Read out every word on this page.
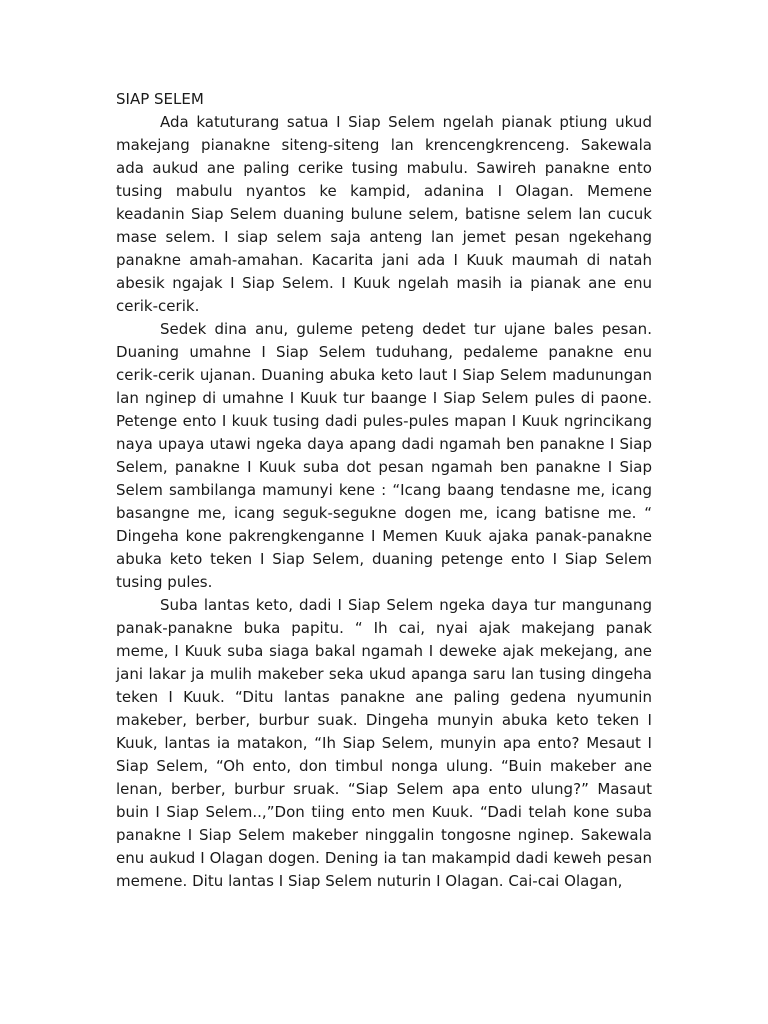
SIAP SELEM

Ada katuturang satua I Siap Selem ngelah pianak ptiung ukud makejang pianakne siteng-siteng lan krencengkrenceng. Sakewala ada aukud ane paling cerike tusing mabulu. Sawireh panakne ento tusing mabulu nyantos ke kampid, adanina I Olagan. Memene keadanin Siap Selem duaning bulune selem, batisne selem lan cucuk mase selem. I siap selem saja anteng lan jemet pesan ngekehang panakne amah-amahan. Kacarita jani ada I Kuuk maumah di natah abesik ngajak I Siap Selem. I Kuuk ngelah masih ia pianak ane enu cerik-cerik.

Sedek dina anu, guleme peteng dedet tur ujane bales pesan. Duaning umahne I Siap Selem tuduhang, pedaleme panakne enu cerik-cerik ujanan. Duaning abuka keto laut I Siap Selem madunungan lan nginep di umahne I Kuuk tur baange I Siap Selem pules di paone. Petenge ento I kuuk tusing dadi pules-pules mapan I Kuuk ngrincikang naya upaya utawi ngeka daya apang dadi ngamah ben panakne I Siap Selem, panakne I Kuuk suba dot pesan ngamah ben panakne I Siap Selem sambilanga mamunyi kene : “Icang baang tendasne me, icang basangne me, icang seguk-segukne dogen me, icang batisne me. “ Dingeha kone pakrengkenganne I Memen Kuuk ajaka panak-panakne abuka keto teken I Siap Selem, duaning petenge ento I Siap Selem tusing pules.

Suba lantas keto, dadi I Siap Selem ngeka daya tur mangunang panak-panakne buka papitu. “ Ih cai, nyai ajak makejang panak meme, I Kuuk suba siaga bakal ngamah I deweke ajak mekejang, ane jani lakar ja mulih makeber seka ukud apanga saru lan tusing dingeha teken I Kuuk. “Ditu lantas panakne ane paling gedena nyumunin makeber, berber, burbur suak. Dingeha munyin abuka keto teken I Kuuk, lantas ia matakon, “Ih Siap Selem, munyin apa ento? Mesaut I Siap Selem, “Oh ento, don timbul nonga ulung. “Buin makeber ane lenan, berber, burbur sruak. “Siap Selem apa ento ulung?” Masaut buin I Siap Selem..,”Don tiing ento men Kuuk. “Dadi telah kone suba panakne I Siap Selem makeber ninggalin tongosne nginep. Sakewala enu aukud I Olagan dogen. Dening ia tan makampid dadi keweh pesan memene. Ditu lantas I Siap Selem nuturin I Olagan. Cai-cai Olagan,
